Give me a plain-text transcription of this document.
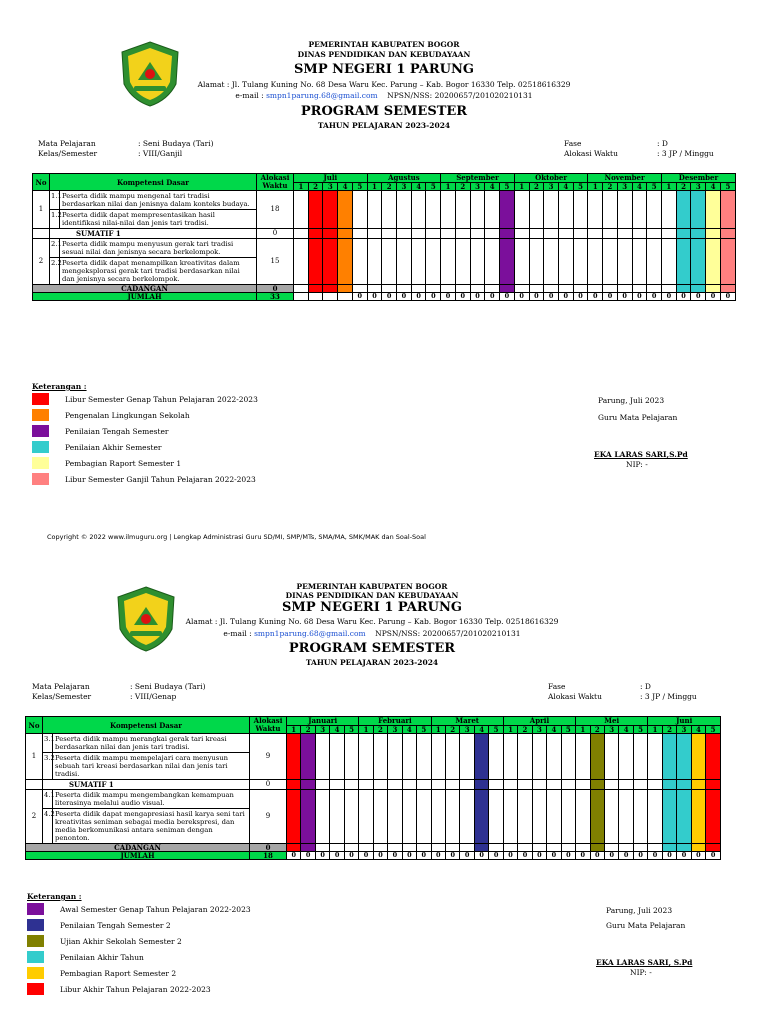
PEMERINTAH KABUPATEN BOGOR
DINAS PENDIDIKAN DAN KEBUDAYAAN
SMP NEGERI 1 PARUNG
Alamat : Jl. Tulang Kuning No. 68 Desa Waru Kec. Parung – Kab. Bogor 16330 Telp. 02518616329
e-mail : smpn1parung.68@gmail.com NPSN/NSS: 20200657/201020210131
PROGRAM SEMESTER
TAHUN PELAJARAN 2023-2024
Mata Pelajaran	: Seni Budaya (Tari)
Kelas/Semester	: VIII/Ganjil
Fase	: D
Alokasi Waktu	: 3 JP / Minggu
No	Kompetensi Dasar		Alokasi Waktu	Juli					Agustus					September					Oktober					November					Desember				
				1	2	3	4	5	1	2	3	4	5	1	2	3	4	5	1	2	3	4	5	1	2	3	4	5	1	2	3	4	5
1	1.1	Peserta didik mampu mengenal tari tradisi berdasarkan nilai dan jenisnya dalam konteks budaya.	18																														
	1.2	Peserta didik dapat mempresentasikan hasil identifikasi nilai-nilai dan jenis tari tradisi.																															
	SUMATIF 1		0																														
2	2.1	Peserta didik mampu menyusun gerak tari tradisi sesuai nilai dan jenisnya secara berkelompok.	15																														
	2.2	Peserta didik dapat menampilkan kreativitas dalam mengeksplorasi gerak tari tradisi berdasarkan nilai dan jenisnya secara berkelompok.																															
CADANGAN			0																														
JUMLAH			33					0	0	0	0	0	0	0	0	0	0	0	0	0	0	0	0	0	0	0	0	0	0	0	0	0	0
Keterangan :
Libur Semester Genap Tahun Pelajaran 2022-2023
Pengenalan Lingkungan Sekolah
Penilaian Tengah Semester
Penilaian Akhir Semester
Pembagian Raport Semester 1
Libur Semester Ganjil Tahun Pelajaran 2022-2023
Parung, Juli 2023
Guru Mata Pelajaran
EKA LARAS SARI,S.Pd
NIP: -
Copyright © 2022 www.ilmuguru.org | Lengkap Administrasi Guru SD/MI, SMP/MTs, SMA/MA, SMK/MAK dan Soal-Soal
PEMERINTAH KABUPATEN BOGOR
DINAS PENDIDIKAN DAN KEBUDAYAAN
SMP NEGERI 1 PARUNG
Alamat : Jl. Tulang Kuning No. 68 Desa Waru Kec. Parung – Kab. Bogor 16330 Telp. 02518616329
e-mail : smpn1parung.68@gmail.com NPSN/NSS: 20200657/201020210131
PROGRAM SEMESTER
TAHUN PELAJARAN 2023-2024
Mata Pelajaran	: Seni Budaya (Tari)
Kelas/Semester	: VIII/Genap
Fase	: D
Alokasi Waktu	: 3 JP / Minggu
No	Kompetensi Dasar		Alokasi Waktu	Januari					Februari					Maret					April					Mei					Juni				
				1	2	3	4	5	1	2	3	4	5	1	2	3	4	5	1	2	3	4	5	1	2	3	4	5	1	2	3	4	5
1	3.1	Peserta didik mampu merangkai gerak tari kreasi berdasarkan nilai dan jenis tari tradisi.	9																														
	3.2	Peserta didik mampu mempelajari cara menyusun sebuah tari kreasi berdasarkan nilai dan jenis tari tradisi.																															
	SUMATIF 1		0																														
2	4.1	Peserta didik mampu mengembangkan kemampuan literasinya melalui audio visual.	9																														
	4.2	Peserta didik dapat mengapresiasi hasil karya seni tari kreativitas seniman sebagai media berekspresi, dan media berkomunikasi antara seniman dengan penonton.																															
CADANGAN			0																														
JUMLAH			18	0	0	0	0	0	0	0	0	0	0	0	0	0	0	0	0	0	0	0	0	0	0	0	0	0	0	0	0	0	0
Keterangan :
Awal Semester Genap Tahun Pelajaran 2022-2023
Penilaian Tengah Semester 2
Ujian Akhir Sekolah Semester 2
Penilaian Akhir Tahun
Pembagian Raport Semester 2
Libur Akhir Tahun Pelajaran 2022-2023
Parung, Juli 2023
Guru Mata Pelajaran
EKA LARAS SARI, S.Pd
NIP: -
